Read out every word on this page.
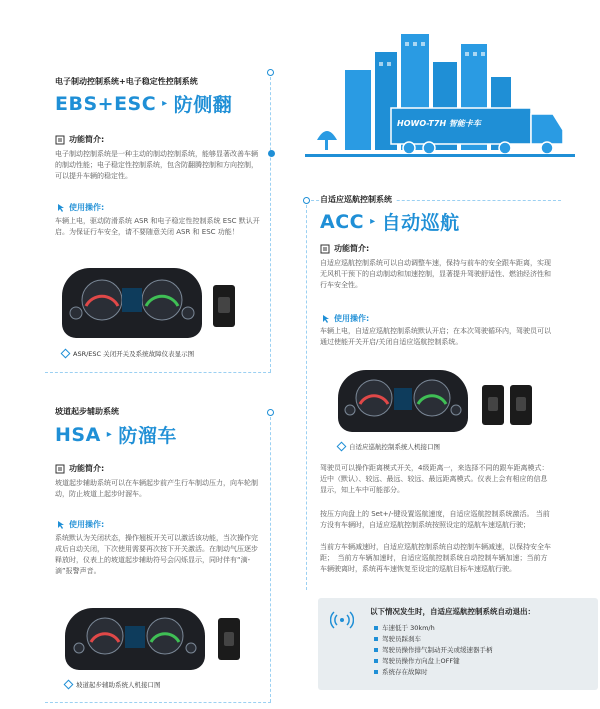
电子制动控制系统+电子稳定性控制系统
EBS+ESC ▸ 防侧翻
功能简介:
电子制动控制系统是一种主动的制动控制系统，能够显著改善车辆的制动性能；电子稳定性控制系统，包含防翻腾控制和方向控制，可以提升车辆的稳定性。
使用操作:
车辆上电，驱动防滑系统 ASR 和电子稳定性控制系统 ESC 默认开启。为保证行车安全，请不要随意关闭 ASR 和 ESC 功能！
ASR/ESC 关闭开关及系统故障仪表显示图
HOWO-T7H 智能卡车
自适应巡航控制系统
ACC ▸ 自动巡航
功能简介:
自适应巡航控制系统可以自动调整车速，保持与前车的安全跟车距离，实现无风机干预下的自动制动和加速控制，显著提升驾驶舒适性、燃油经济性和行车安全性。
使用操作:
车辆上电，自适应巡航控制系统默认开启；在本次驾驶循环内，驾驶员可以通过使能开关开启/关闭自适应巡航控制系统。
自适应巡航控制系统人机接口图
驾驶员可以操作距离模式开关，4级距离一，来选择不同的跟车距离模式：近中（默认）、较远、最远、较远、最远距离模式。仪表上会有相应的信息显示，知上车中可能部分。
按压方向盘上的 Set+/-键设置巡航速度，自适应巡航控制系统激活。 当前方没有车辆时，自适应巡航控制系统按照设定的巡航车速巡航行驶；
当前方车辆减速时，自适应巡航控制系统自动控制车辆减速，以保持安全车距；　当前方车辆加速时，自适应巡航控制系统自动控制车辆加速；当前方车辆驶离时，系统再车速恢复至设定的巡航目标车速巡航行驶。
以下情况发生时，自适应巡航控制系统自动退出：
车速低于 30km/h
驾驶员踩刹车
驾驶员操作排气制动开关或缓速器手柄
驾驶员操作方向盘上OFF键
系统存在故障时
坡道起步辅助系统
HSA ▸ 防溜车
功能简介:
坡道起步辅助系统可以在车辆起步前产生行车制动压力，向车轮制动，防止坡道上起步时溜车。
使用操作:
系统默认为关闭状态，操作翘板开关可以激活该功能，当次操作完成后自动关闭，下次使用需要再次按下开关激活。在制动气压逐步释放时，仪表上的坡道起步辅助符号会闪烁显示，同时伴有“滴-滴”报警声音。
坡道起步辅助系统人机接口图
